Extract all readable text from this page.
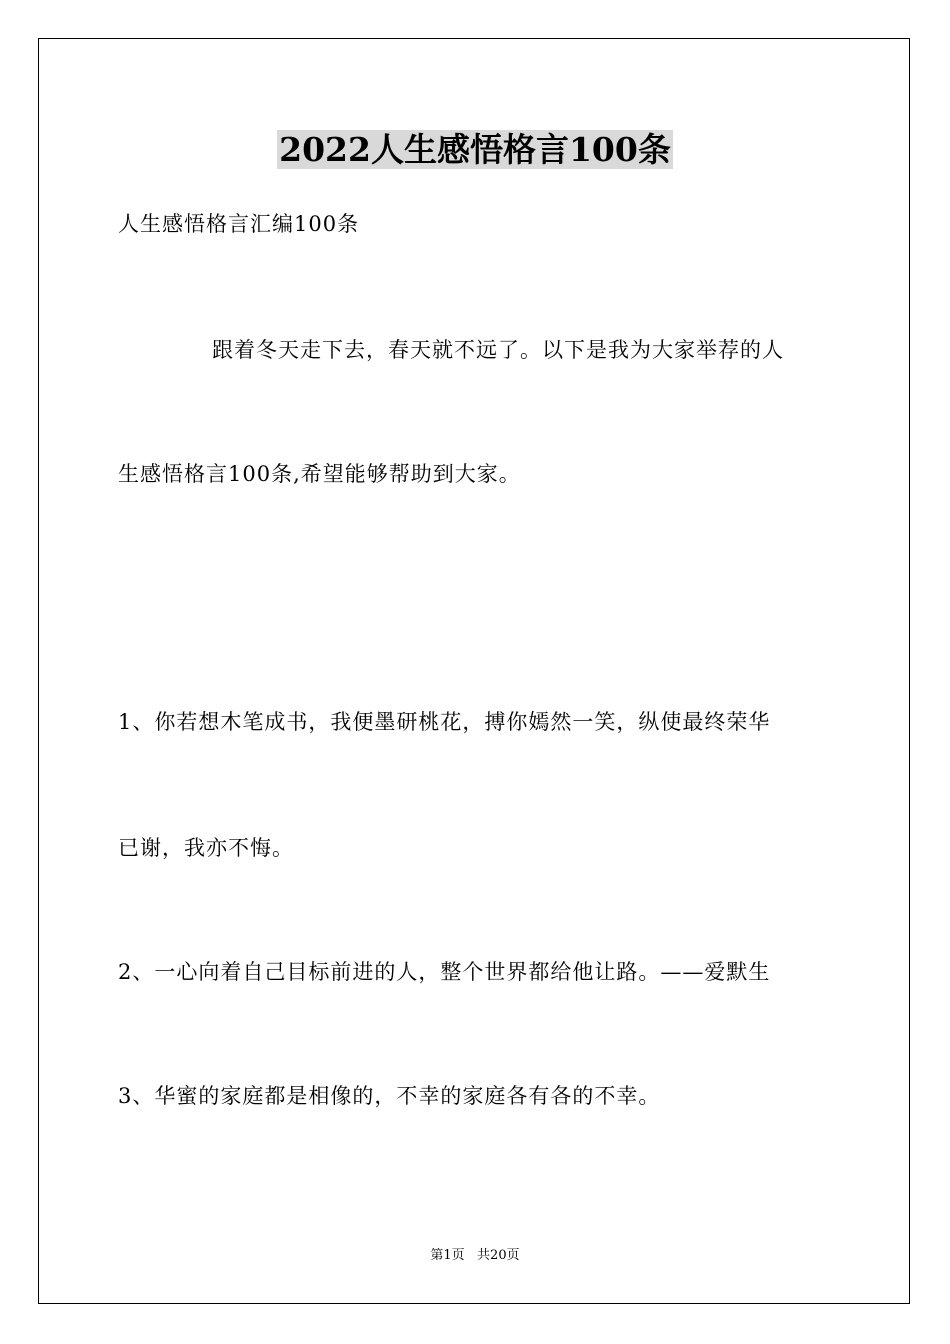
2022人生感悟格言100条
人生感悟格言汇编100条
跟着冬天走下去，春天就不远了。以下是我为大家举荐的人
生感悟格言100条,希望能够帮助到大家。
1、你若想木笔成书，我便墨研桃花，搏你嫣然一笑，纵使最终荣华
已谢，我亦不悔。
2、一心向着自己目标前进的人，整个世界都给他让路。——爱默生
3、华蜜的家庭都是相像的，不幸的家庭各有各的不幸。
第1页   共20页
